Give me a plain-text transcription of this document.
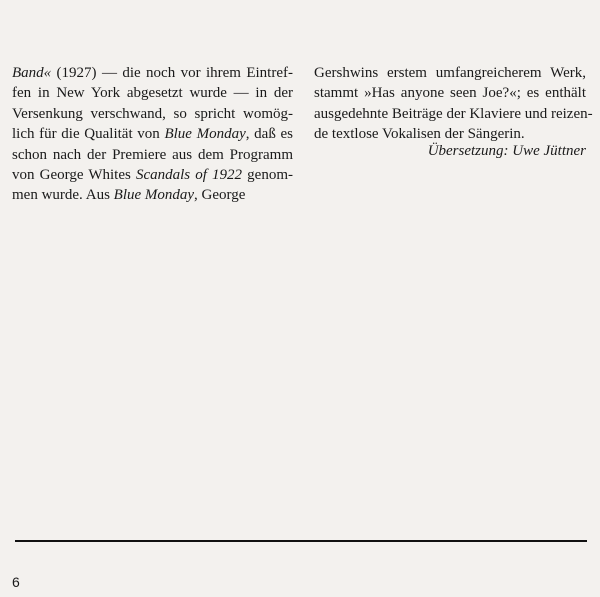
Band« (1927) — die noch vor ihrem Eintref-
fen in New York abgesetzt wurde — in der
Versenkung verschwand, so spricht womög-
lich für die Qualität von Blue Monday, daß es
schon nach der Premiere aus dem Programm
von George Whites Scandals of 1922 genom-
men wurde. Aus Blue Monday, George
Gershwins erstem umfangreicherem Werk,
stammt »Has anyone seen Joe?«; es enthält
ausgedehnte Beiträge der Klaviere und reizen-
de textlose Vokalisen der Sängerin.
Übersetzung: Uwe Jüttner
6
